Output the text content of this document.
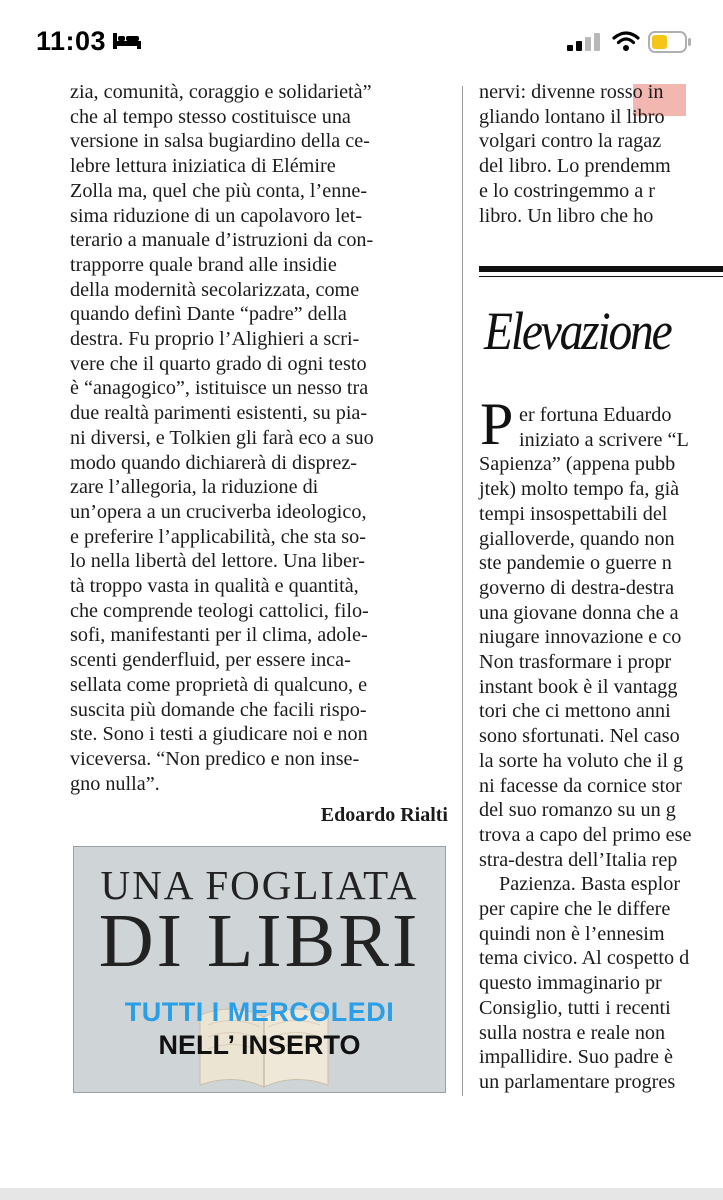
11:03
zia, comunità, coraggio e solidarietà”
che al tempo stesso costituisce una
versione in salsa bugiardino della ce-
lebre lettura iniziatica di Elémire
Zolla ma, quel che più conta, l’enne-
sima riduzione di un capolavoro let-
terario a manuale d’istruzioni da con-
trapporre quale brand alle insidie
della modernità secolarizzata, come
quando definì Dante “padre” della
destra. Fu proprio l’Alighieri a scri-
vere che il quarto grado di ogni testo
è “anagogico”, istituisce un nesso tra
due realtà parimenti esistenti, su pia-
ni diversi, e Tolkien gli farà eco a suo
modo quando dichiarerà di disprez-
zare l’allegoria, la riduzione di
un’opera a un cruciverba ideologico,
e preferire l’applicabilità, che sta so-
lo nella libertà del lettore. Una liber-
tà troppo vasta in qualità e quantità,
che comprende teologi cattolici, filo-
sofi, manifestanti per il clima, adole-
scenti genderfluid, per essere inca-
sellata come proprietà di qualcuno, e
suscita più domande che facili rispo-
ste. Sono i testi a giudicare noi e non
viceversa. “Non predico e non inse-
gno nulla”.
Edoardo Rialti
UNA FOGLIATA
DI LIBRI
TUTTI I MERCOLEDI
NELL’ INSERTO
nervi: divenne rosso in
gliando lontano il libro
volgari contro la ragaz
del libro. Lo prendemm
e lo costringemmo a r
libro. Un libro che ho
Elevazione
P er fortuna Eduardo
iniziato a scrivere “L
Sapienza” (appena pubb
jtek) molto tempo fa, già
tempi insospettabili del
gialloverde, quando non
ste pandemie o guerre n
governo di destra-destra
una giovane donna che a
niugare innovazione e co
Non trasformare i propr
instant book è il vantagg
tori che ci mettono anni
sono sfortunati. Nel caso
la sorte ha voluto che il g
ni facesse da cornice stor
del suo romanzo su un g
trova a capo del primo ese
stra-destra dell’Italia rep
Pazienza. Basta esplor
per capire che le differe
quindi non è l’ennesim
tema civico. Al cospetto d
questo immaginario pr
Consiglio, tutti i recenti
sulla nostra e reale non
impallidire. Suo padre è
un parlamentare progres
